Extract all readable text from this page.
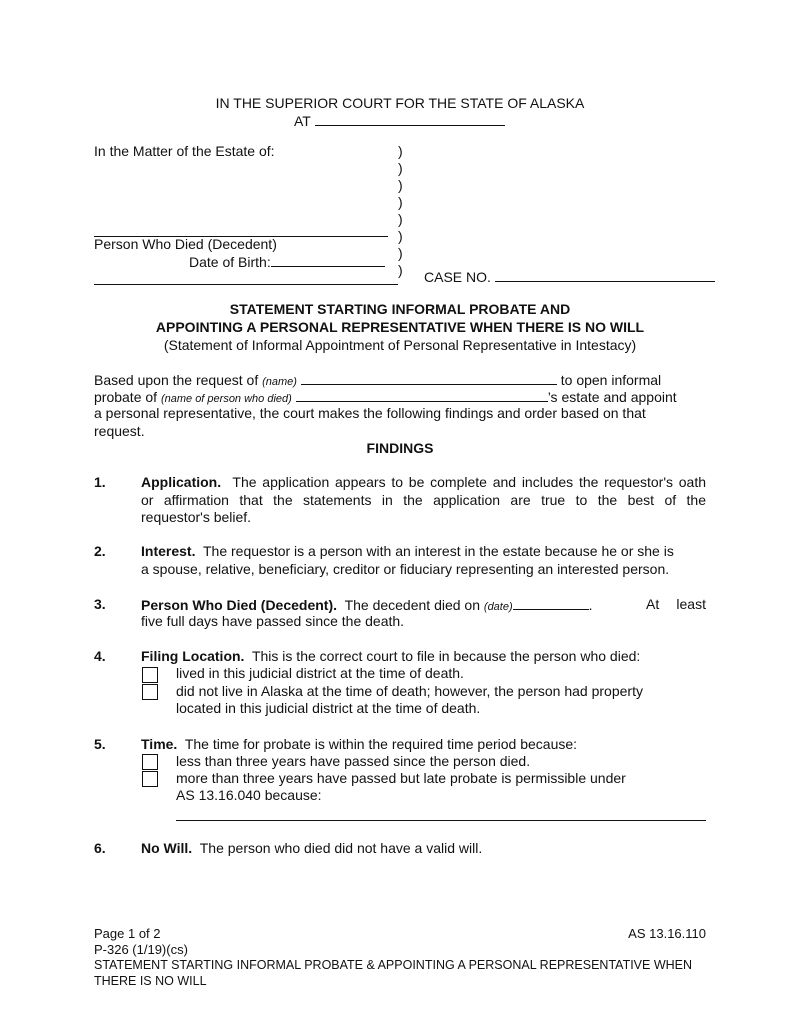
IN THE SUPERIOR COURT FOR THE STATE OF ALASKA
AT
In the Matter of the Estate of:	)
)
)
)
)
)
)
)
Person Who Died (Decedent)
Date of Birth:
CASE NO.
STATEMENT STARTING INFORMAL PROBATE AND
APPOINTING A PERSONAL REPRESENTATIVE WHEN THERE IS NO WILL
(Statement of Informal Appointment of Personal Representative in Intestacy)
Based upon the request of (name)	to open informal
probate of (name of person who died)	’s estate and appoint
a personal representative, the court makes the following findings and order based on that
request.
FINDINGS
1.	Application. The application appears to be complete and includes the requestor's oath
or affirmation that the statements in the application are true to the best of the
requestor's belief.
2.	Interest. The requestor is a person with an interest in the estate because he or she is
a spouse, relative, beneficiary, creditor or fiduciary representing an interested person.
3.	Person Who Died (Decedent). The decedent died on (date)	.	At least
five full days have passed since the death.
4.	Filing Location. This is the correct court to file in because the person who died:
lived in this judicial district at the time of death.
did not live in Alaska at the time of death; however, the person had property
located in this judicial district at the time of death.
5.	Time. The time for probate is within the required time period because:
less than three years have passed since the person died.
more than three years have passed but late probate is permissible under
AS 13.16.040 because:
6.	No Will. The person who died did not have a valid will.
Page 1 of 2	AS 13.16.110
P-326 (1/19)(cs)
STATEMENT STARTING INFORMAL PROBATE & APPOINTING A PERSONAL REPRESENTATIVE WHEN
THERE IS NO WILL
